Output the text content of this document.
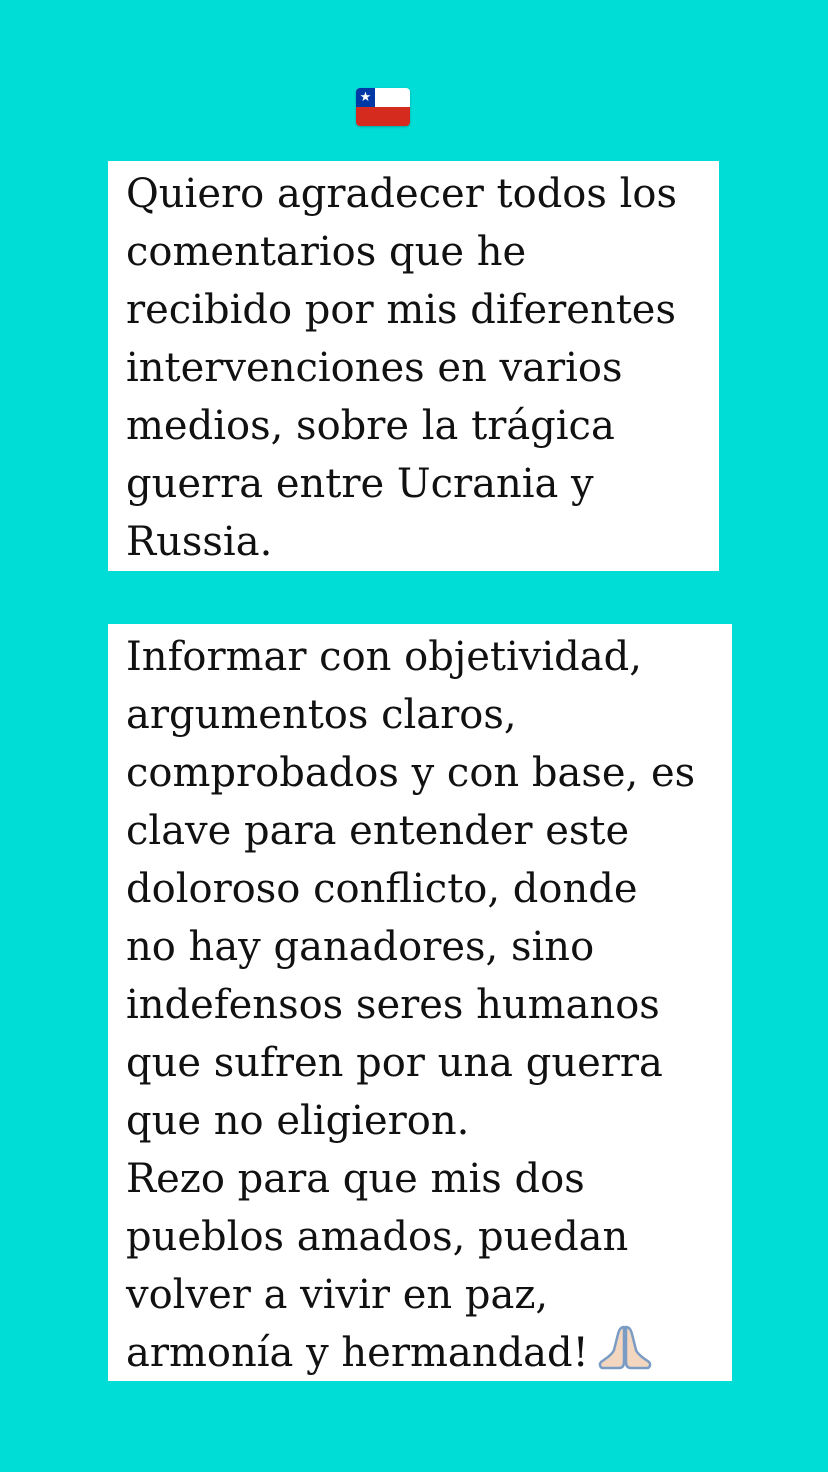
★
Quiero agradecer todos los
comentarios que he
recibido por mis diferentes
intervenciones en varios
medios, sobre la trágica
guerra entre Ucrania y
Russia.
Informar con objetividad,
argumentos claros,
comprobados y con base, es
clave para entender este
doloroso conflicto, donde
no hay ganadores, sino
indefensos seres humanos
que sufren por una guerra
que no eligieron.
Rezo para que mis dos
pueblos amados, puedan
volver a vivir en paz,
armonía y hermandad!
